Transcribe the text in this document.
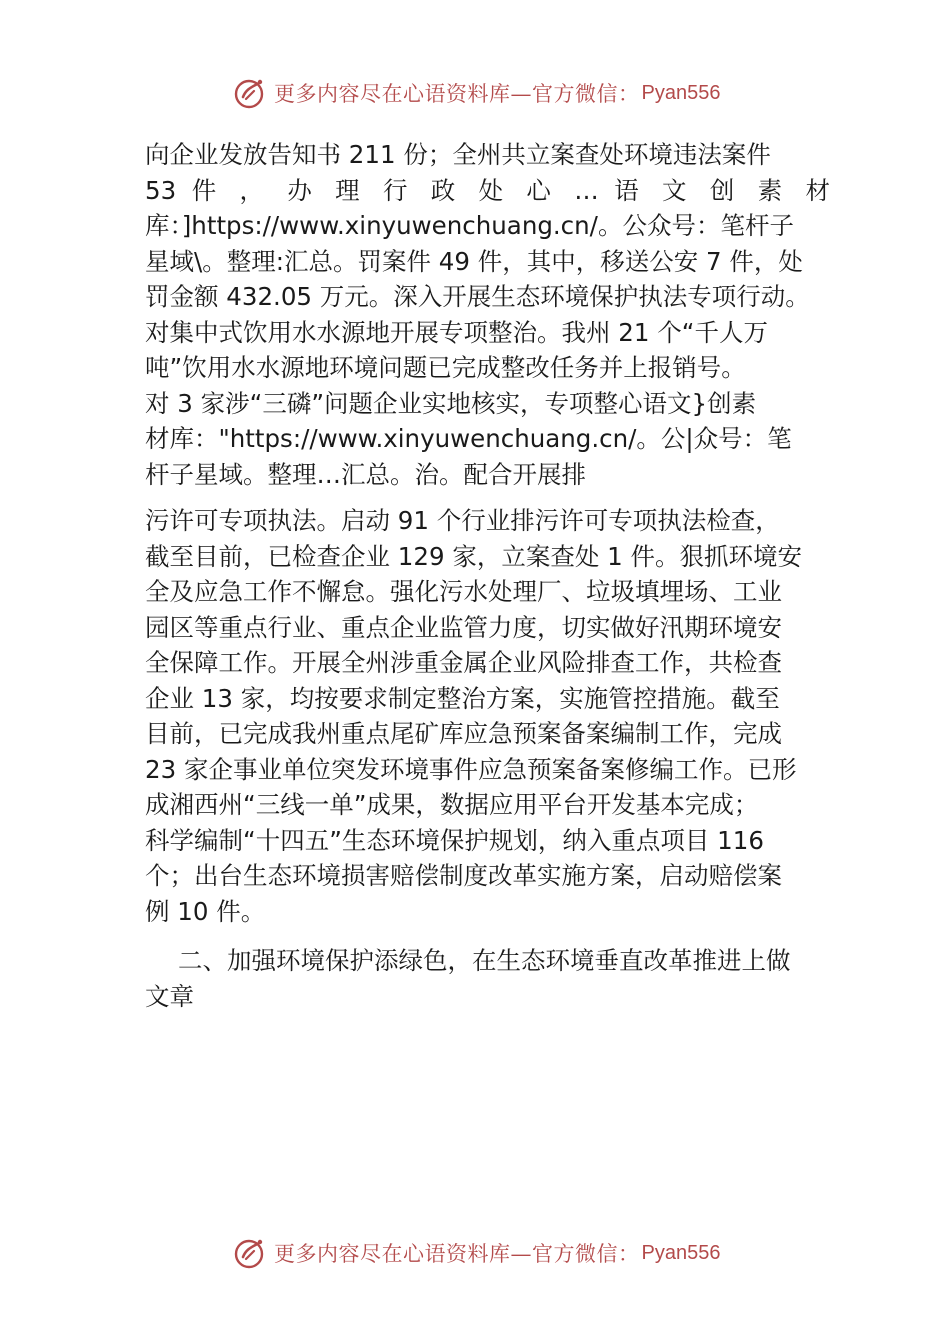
更多内容尽在心语资料库—官方微信： Pyan556
向企业发放告知书 211 份；全州共立案查处环境违法案件
53 件 ， 办 理 行 政 处 心 … 语 文 创 素 材
库：]https://www.xinyuwenchuang.cn/。公众号：笔杆子
星域\。整理:汇总。罚案件 49 件，其中，移送公安 7 件，处
罚金额 432.05 万元。深入开展生态环境保护执法专项行动。
对集中式饮用水水源地开展专项整治。我州 21 个“千人万
吨”饮用水水源地环境问题已完成整改任务并上报销号。
对 3 家涉“三磷”问题企业实地核实，专项整心语文}创素
材库："https://www.xinyuwenchuang.cn/。公|众号：笔
杆子星域。整理…汇总。治。配合开展排
污许可专项执法。启动 91 个行业排污许可专项执法检查，
截至目前，已检查企业 129 家，立案查处 1 件。狠抓环境安
全及应急工作不懈怠。强化污水处理厂、垃圾填埋场、工业
园区等重点行业、重点企业监管力度，切实做好汛期环境安
全保障工作。开展全州涉重金属企业风险排查工作，共检查
企业 13 家，均按要求制定整治方案，实施管控措施。截至
目前，已完成我州重点尾矿库应急预案备案编制工作，完成
23 家企事业单位突发环境事件应急预案备案修编工作。已形
成湘西州“三线一单”成果，数据应用平台开发基本完成；
科学编制“十四五”生态环境保护规划，纳入重点项目 116
个；出台生态环境损害赔偿制度改革实施方案，启动赔偿案
例 10 件。
二、加强环境保护添绿色，在生态环境垂直改革推进上做
文章
更多内容尽在心语资料库—官方微信： Pyan556
